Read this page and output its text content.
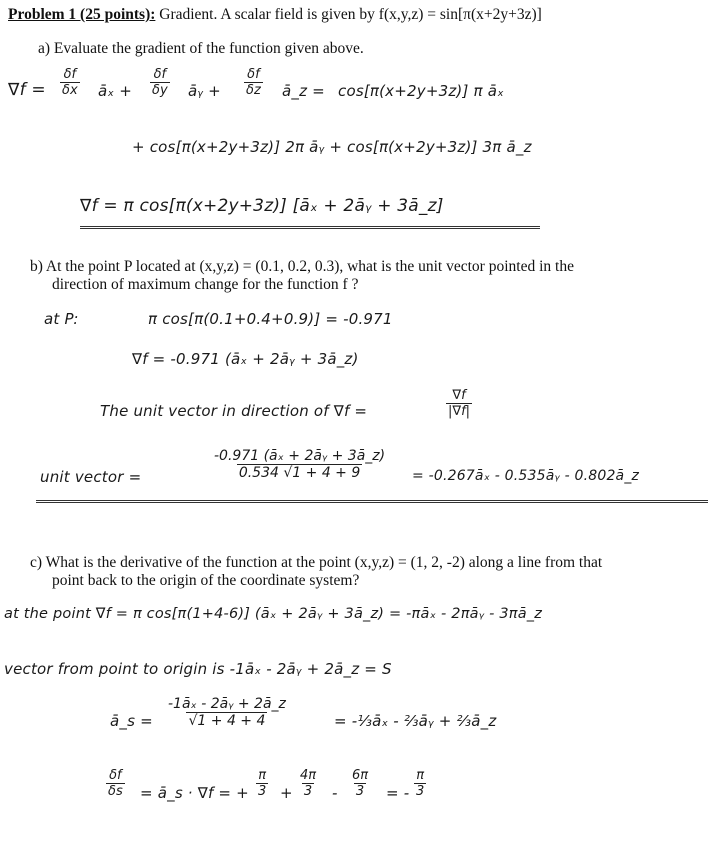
Problem 1 (25 points): Gradient. A scalar field is given by f(x,y,z) = sin[π(x+2y+3z)]
a) Evaluate the gradient of the function given above.
$\nabla f = \frac{\delta f}{\delta x}$ āₓ + $\frac{\delta f}{\delta y}$ āᵧ + $\frac{\delta f}{\delta z}$ ā_z = cos[π(x+2y+3z)] π āₓ
+ cos[π(x+2y+3z)] 2π āᵧ + cos[π(x+2y+3z)] 3π ā_z
∇f = π cos[π(x+2y+3z)] [āₓ + 2āᵧ + 3ā_z]
b) At the point P located at (x,y,z) = (0.1, 0.2, 0.3), what is the unit vector pointed in the
direction of maximum change for the function f ?
at P:	π cos[π(0.1+0.4+0.9)] = -0.971
∇f = -0.971 (āₓ + 2āᵧ + 3ā_z)
The unit vector in direction of ∇f =	$\frac{\nabla f}{|\nabla f|}$
unit vector =	$\frac{\text{-0.971 (āₓ + 2āᵧ + 3ā\_z)}}{0.534 √1 + 4 + 9}$ = -0.267āₓ - 0.535āᵧ - 0.802ā_z
c) What is the derivative of the function at the point (x,y,z) = (1, 2, -2) along a line from that
point back to the origin of the coordinate system?
at the point ∇f = π cos[π(1+4-6)] (āₓ + 2āᵧ + 3ā_z) = -πāₓ - 2πāᵧ - 3πā_z
vector from point to origin is -1āₓ - 2āᵧ + 2ā_z = S
ā_s = $\frac{\text{-1āₓ - 2āᵧ + 2ā\_z}}{√1 + 4 + 4}$	= -⅓āₓ - ⅔āᵧ + ⅔ā_z
$\frac{\delta f}{\delta s}$ = ā_s · ∇f = + $\frac{\pi}{3} + \frac{4\pi}{3} - \frac{6\pi}{3}$ = - $\frac{\pi}{3}$
